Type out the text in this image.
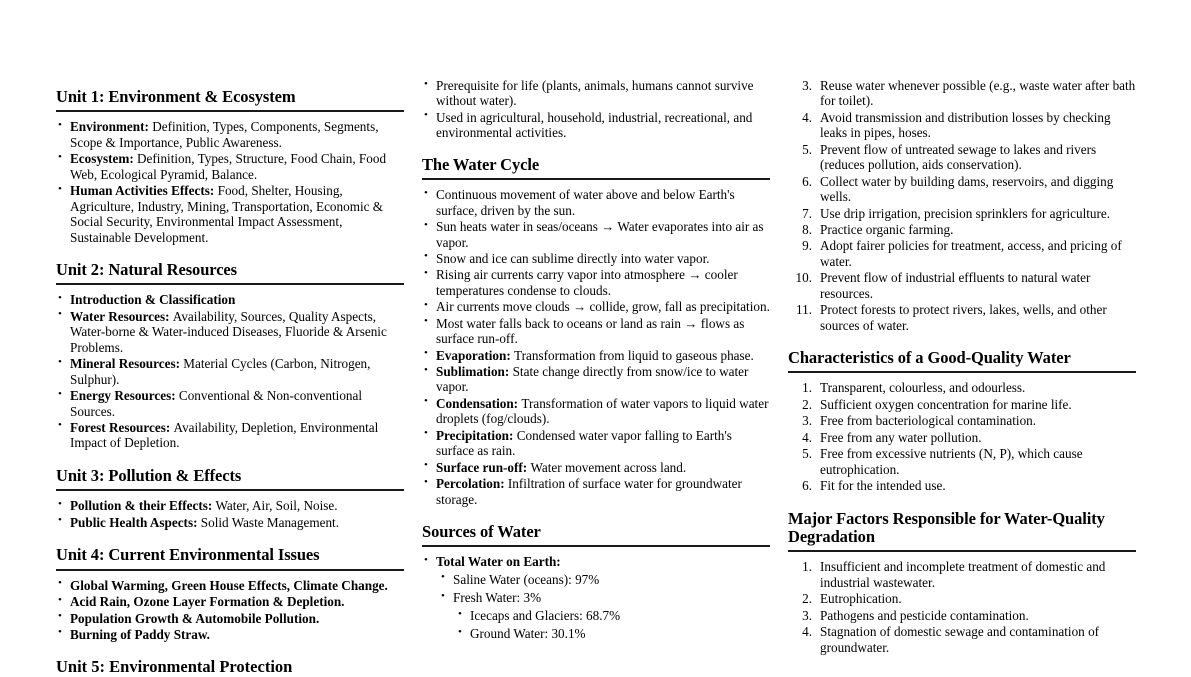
Unit 1: Environment & Ecosystem
• Environment: Definition, Types, Components, Segments, Scope & Importance, Public Awareness.
• Ecosystem: Definition, Types, Structure, Food Chain, Food Web, Ecological Pyramid, Balance.
• Human Activities Effects: Food, Shelter, Housing, Agriculture, Industry, Mining, Transportation, Economic & Social Security, Environmental Impact Assessment, Sustainable Development.
Unit 2: Natural Resources
• Introduction & Classification
• Water Resources: Availability, Sources, Quality Aspects, Water-borne & Water-induced Diseases, Fluoride & Arsenic Problems.
• Mineral Resources: Material Cycles (Carbon, Nitrogen, Sulphur).
• Energy Resources: Conventional & Non-conventional Sources.
• Forest Resources: Availability, Depletion, Environmental Impact of Depletion.
Unit 3: Pollution & Effects
• Pollution & their Effects: Water, Air, Soil, Noise.
• Public Health Aspects: Solid Waste Management.
Unit 4: Current Environmental Issues
• Global Warming, Green House Effects, Climate Change.
• Acid Rain, Ozone Layer Formation & Depletion.
• Population Growth & Automobile Pollution.
• Burning of Paddy Straw.
Unit 5: Environmental Protection
• Prerequisite for life (plants, animals, humans cannot survive without water).
• Used in agricultural, household, industrial, recreational, and environmental activities.
The Water Cycle
• Continuous movement of water above and below Earth's surface, driven by the sun.
• Sun heats water in seas/oceans → Water evaporates into air as vapor.
• Snow and ice can sublime directly into water vapor.
• Rising air currents carry vapor into atmosphere → cooler temperatures condense to clouds.
• Air currents move clouds → collide, grow, fall as precipitation.
• Most water falls back to oceans or land as rain → flows as surface run-off.
• Evaporation: Transformation from liquid to gaseous phase.
• Sublimation: State change directly from snow/ice to water vapor.
• Condensation: Transformation of water vapors to liquid water droplets (fog/clouds).
• Precipitation: Condensed water vapor falling to Earth's surface as rain.
• Surface run-off: Water movement across land.
• Percolation: Infiltration of surface water for groundwater storage.
Sources of Water
• Total Water on Earth:
• Saline Water (oceans): 97%
• Fresh Water: 3%
• Icecaps and Glaciers: 68.7%
• Ground Water: 30.1%
Reuse water whenever possible (e.g., waste water after bath for toilet).
Avoid transmission and distribution losses by checking leaks in pipes, hoses.
Prevent flow of untreated sewage to lakes and rivers (reduces pollution, aids conservation).
Collect water by building dams, reservoirs, and digging wells.
Use drip irrigation, precision sprinklers for agriculture.
Practice organic farming.
Adopt fairer policies for treatment, access, and pricing of water.
Prevent flow of industrial effluents to natural water resources.
Protect forests to protect rivers, lakes, wells, and other sources of water.
Characteristics of a Good-Quality Water
Transparent, colourless, and odourless.
Sufficient oxygen concentration for marine life.
Free from bacteriological contamination.
Free from any water pollution.
Free from excessive nutrients (N, P), which cause eutrophication.
Fit for the intended use.
Major Factors Responsible for Water-Quality Degradation
Insufficient and incomplete treatment of domestic and industrial wastewater.
Eutrophication.
Pathogens and pesticide contamination.
Stagnation of domestic sewage and contamination of groundwater.
